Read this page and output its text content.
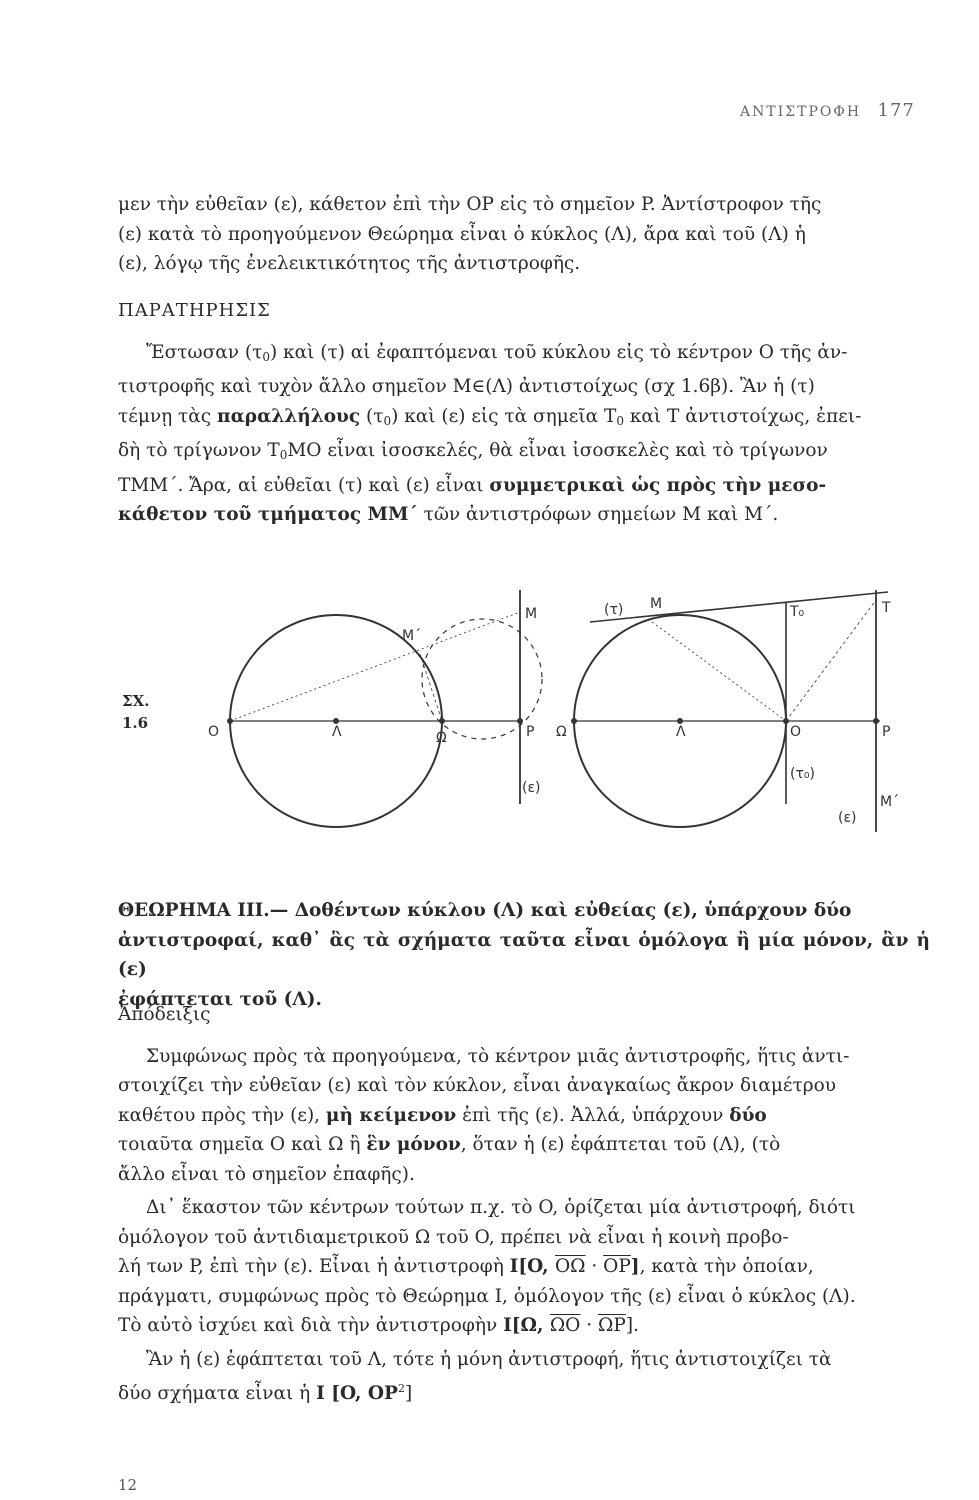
ΑΝΤΙΣΤΡΟΦΗ 177

μεν τὴν εὐθεῖαν (ε), κάθετον ἐπὶ τὴν OP εἰς τὸ σημεῖον P. Ἀντίστροφον τῆς

(ε) κατὰ τὸ προηγούμενον Θεώρημα εἶναι ὁ κύκλος (Λ), ἄρα καὶ τοῦ (Λ) ἡ

(ε), λόγῳ τῆς ἐνελεικτικότητος τῆς ἀντιστροφῆς.

ΠΑΡΑΤΗΡΗΣΙΣ

Ἔστωσαν $(\tau_0)$ καὶ (τ) αἱ ἐφαπτόμεναι τοῦ κύκλου εἰς τὸ κέντρον O τῆς ἀν-

τιστροφῆς καὶ τυχὸν ἄλλο σημεῖον M∈(Λ) ἀντιστοίχως (σχ 1.6β). Ἂν ἡ (τ)

τέμνῃ τὰς παραλλήλους $(\tau_0)$ καὶ (ε) εἰς τὰ σημεῖα $T_0$ καὶ T ἀντιστοίχως, ἐπει-

δὴ τὸ τρίγωνον $T_0MO$ εἶναι ἰσοσκελές, θὰ εἶναι ἰσοσκελὲς καὶ τὸ τρίγωνον

TMM΄. Ἄρα, αἱ εὐθεῖαι (τ) καὶ (ε) εἶναι συμμετρικαὶ ὡς πρὸς τὴν μεσο-

κάθετον τοῦ τμήματος MM΄ τῶν ἀντιστρόφων σημείων M καὶ M΄.

ΣΧ.
1.6	O	Λ	Ω	P
M
M΄
(ε)
(τ) M	T₀	T
Ω	Λ	O	P
(τ₀)
M΄
(ε)

ΘΕΩΡΗΜΑ III.— Δοθέντων κύκλου (Λ) καὶ εὐθείας (ε), ὑπάρχουν δύο

ἀντιστροφαί, καθ᾽ ἃς τὰ σχήματα ταῦτα εἶναι ὁμόλογα ἢ μία μόνον, ἂν ἡ (ε)

ἐφάπτεται τοῦ (Λ).

Ἀπόδειξις

Συμφώνως πρὸς τὰ προηγούμενα, τὸ κέντρον μιᾶς ἀντιστροφῆς, ἥτις ἀντι-

στοιχίζει τὴν εὐθεῖαν (ε) καὶ τὸν κύκλον, εἶναι ἀναγκαίως ἄκρον διαμέτρου

καθέτου πρὸς τὴν (ε), μὴ κείμενον ἐπὶ τῆς (ε). Ἀλλά, ὑπάρχουν δύο

τοιαῦτα σημεῖα O καὶ Ω ἢ ἓν μόνον, ὅταν ἡ (ε) ἐφάπτεται τοῦ (Λ), (τὸ

ἄλλο εἶναι τὸ σημεῖον ἐπαφῆς).

Δι᾽ ἕκαστον τῶν κέντρων τούτων π.χ. τὸ O, ὁρίζεται μία ἀντιστροφή, διότι

ὁμόλογον τοῦ ἀντιδιαμετρικοῦ Ω τοῦ O, πρέπει νὰ εἶναι ἡ κοινὴ προβο-

λή των P, ἐπὶ τὴν (ε). Εἶναι ἡ ἀντιστροφὴ I[O, $\overline{O\Omega} \cdot \overline{OP}$], κατὰ τὴν ὁποίαν,

πράγματι, συμφώνως πρὸς τὸ Θεώρημα I, ὁμόλογον τῆς (ε) εἶναι ὁ κύκλος (Λ).

Τὸ αὐτὸ ἰσχύει καὶ διὰ τὴν ἀντιστροφὴν I[Ω, $\overline{\Omega O} \cdot \overline{\Omega P}$].

Ἂν ἡ (ε) ἐφάπτεται τοῦ Λ, τότε ἡ μόνη ἀντιστροφή, ἥτις ἀντιστοιχίζει τὰ

δύο σχήματα εἶναι ἡ I [O, $OP^2$]

12
